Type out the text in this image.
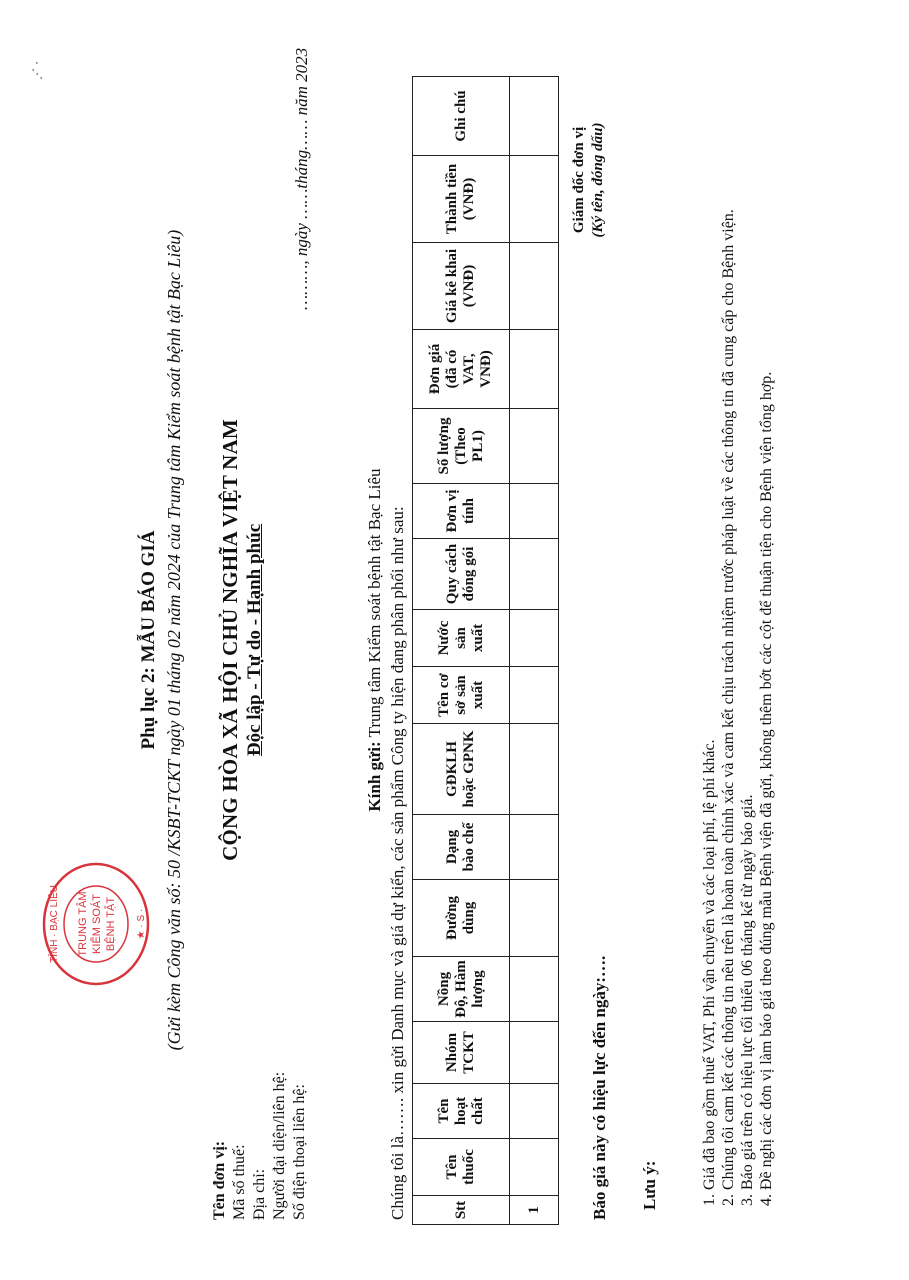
⋰ ⋅
TỈNH · BẠC LIÊU TRUNG TÂM KIỂM SOÁT BỆNH TẬT ★ · S ·
Phụ lục 2: MẪU BÁO GIÁ (Gửi kèm Công văn số: 50 /KSBT-TCKT ngày 01 tháng 02 năm 2024 của Trung tâm Kiểm soát bệnh tật Bạc Liêu) CỘNG HÒA XÃ HỘI CHỦ NGHĨA VIỆT NAM Độc lập - Tự do - Hạnh phúc
………, ngày ……tháng…… năm 2023
Tên đơn vị: Mã số thuế: Địa chỉ: Người đại diện/liên hệ: Số điện thoại liên hệ:
Kính gửi: Trung tâm Kiểm soát bệnh tật Bạc Liêu Chúng tôi là……. xin gửi Danh mục và giá dự kiến, các sản phẩm Công ty hiện đang phân phối như sau:	Stt	Tên thuốc	Tên hoạt chất	Nhóm TCKT	Nồng Độ, Hàm lượng	Đường dùng	Dạng bào chế	GĐKLH hoặc GPNK	Tên cơ sở sản xuất	Nước sản xuất	Quy cách đóng gói	Đơn vị tính	Số lượng (Theo PL1)	Đơn giá (đã có VAT, VNĐ)	Giá kê khai (VNĐ)	Thành tiền (VNĐ)	Ghi chú
1																	Báo giá này có hiệu lực đến ngày:….
Giám đốc đơn vị (Ký tên, đóng dấu)
Lưu ý:	1. Giá đã bao gồm thuế VAT, Phí vận chuyển và các loại phí, lệ phí khác. 2. Chúng tôi cam kết các thông tin nêu trên là hoàn toàn chính xác và cam kết chịu trách nhiệm trước pháp luật về các thông tin đã cung cấp cho Bệnh viện. 3. Báo giá trên có hiệu lực tối thiểu 06 tháng kể từ ngày báo giá. 4. Đề nghị các đơn vị làm báo giá theo đúng mẫu Bệnh viện đã gửi, không thêm bớt các cột để thuận tiện cho Bệnh viện tổng hợp.
